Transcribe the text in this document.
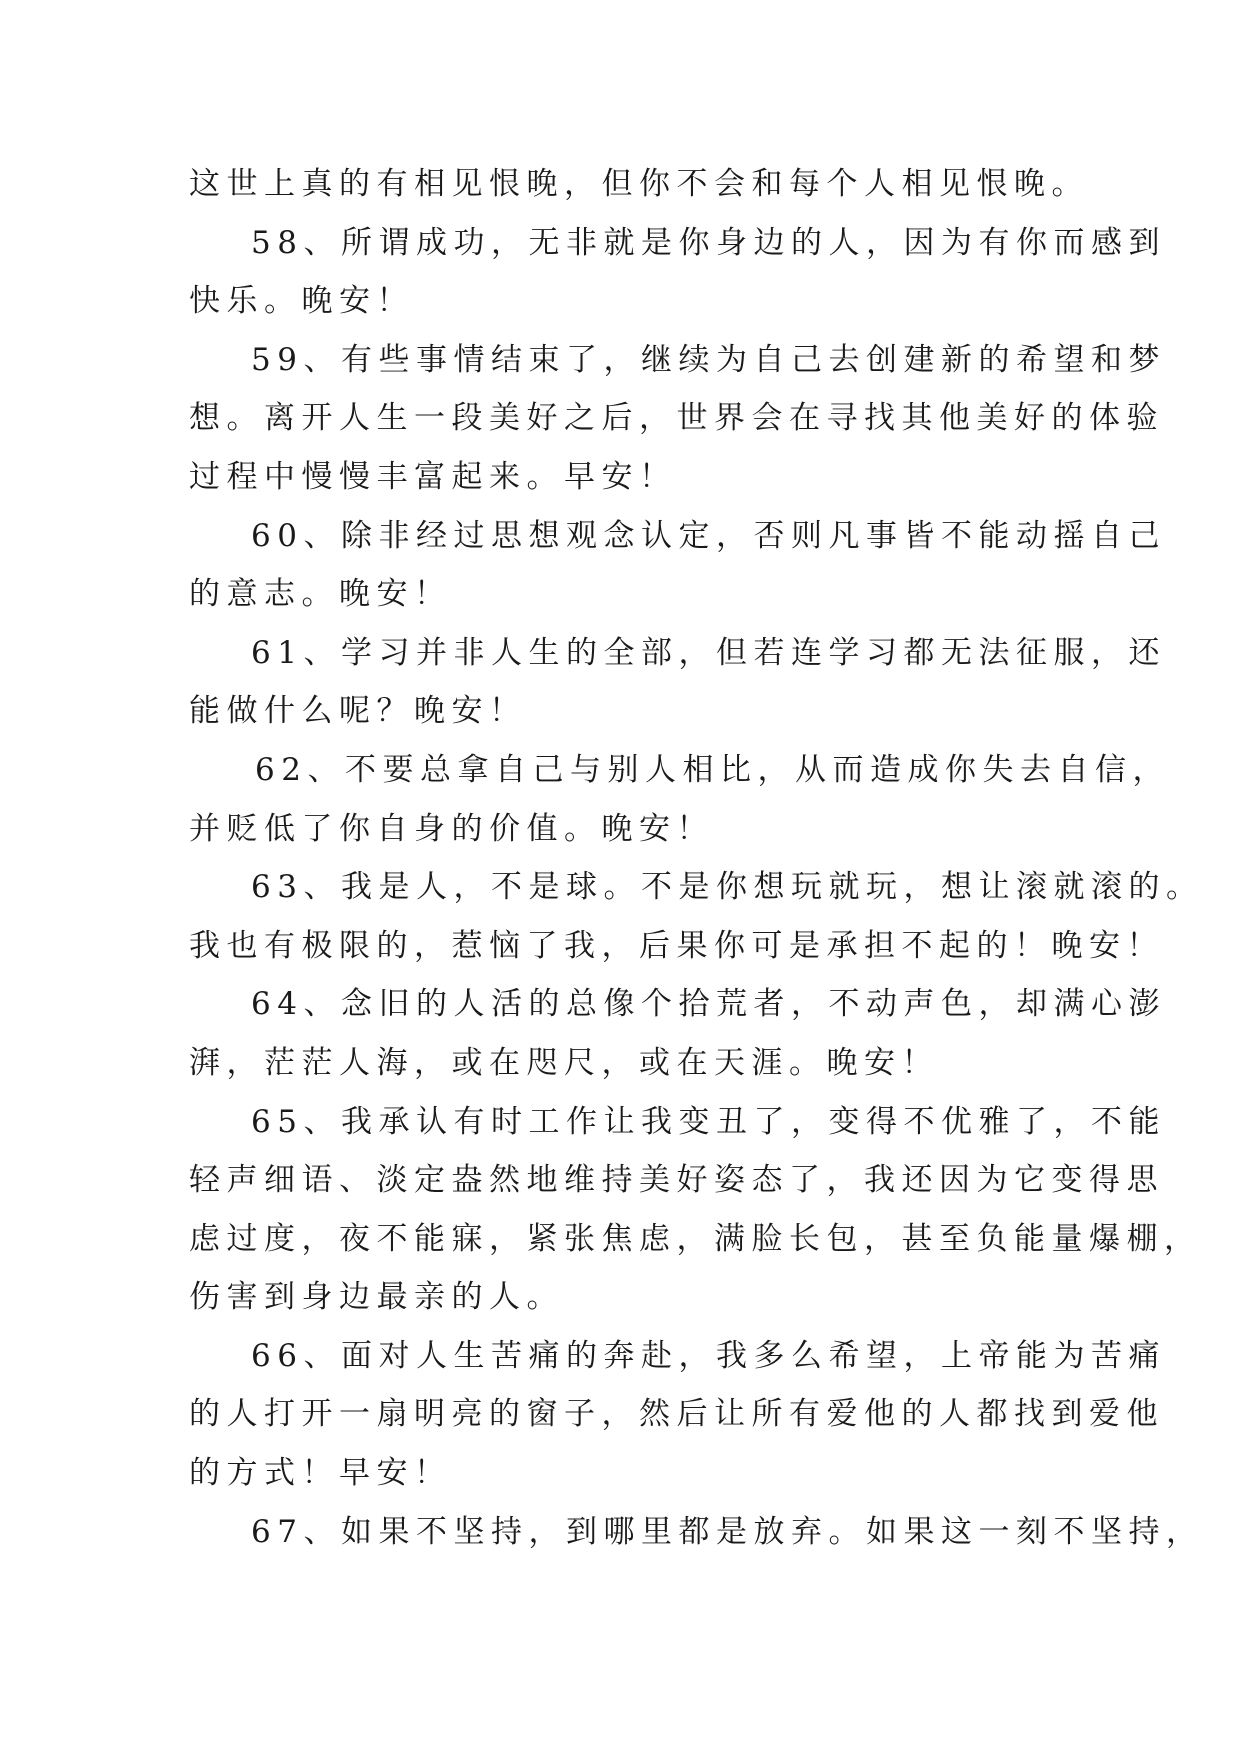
这世上真的有相见恨晚，但你不会和每个人相见恨晚。
58、所谓成功，无非就是你身边的人，因为有你而感到
快乐。晚安！
59、有些事情结束了，继续为自己去创建新的希望和梦
想。离开人生一段美好之后，世界会在寻找其他美好的体验
过程中慢慢丰富起来。早安！
60、除非经过思想观念认定，否则凡事皆不能动摇自己
的意志。晚安！
61、学习并非人生的全部，但若连学习都无法征服，还
能做什么呢？晚安！
62、不要总拿自己与别人相比，从而造成你失去自信，
并贬低了你自身的价值。晚安！
63、我是人，不是球。不是你想玩就玩，想让滚就滚的。
我也有极限的，惹恼了我，后果你可是承担不起的！晚安！
64、念旧的人活的总像个拾荒者，不动声色，却满心澎
湃，茫茫人海，或在咫尺，或在天涯。晚安！
65、我承认有时工作让我变丑了，变得不优雅了，不能
轻声细语、淡定盎然地维持美好姿态了，我还因为它变得思
虑过度，夜不能寐，紧张焦虑，满脸长包，甚至负能量爆棚，
伤害到身边最亲的人。
66、面对人生苦痛的奔赴，我多么希望，上帝能为苦痛
的人打开一扇明亮的窗子，然后让所有爱他的人都找到爱他
的方式！早安！
67、如果不坚持，到哪里都是放弃。如果这一刻不坚持，
